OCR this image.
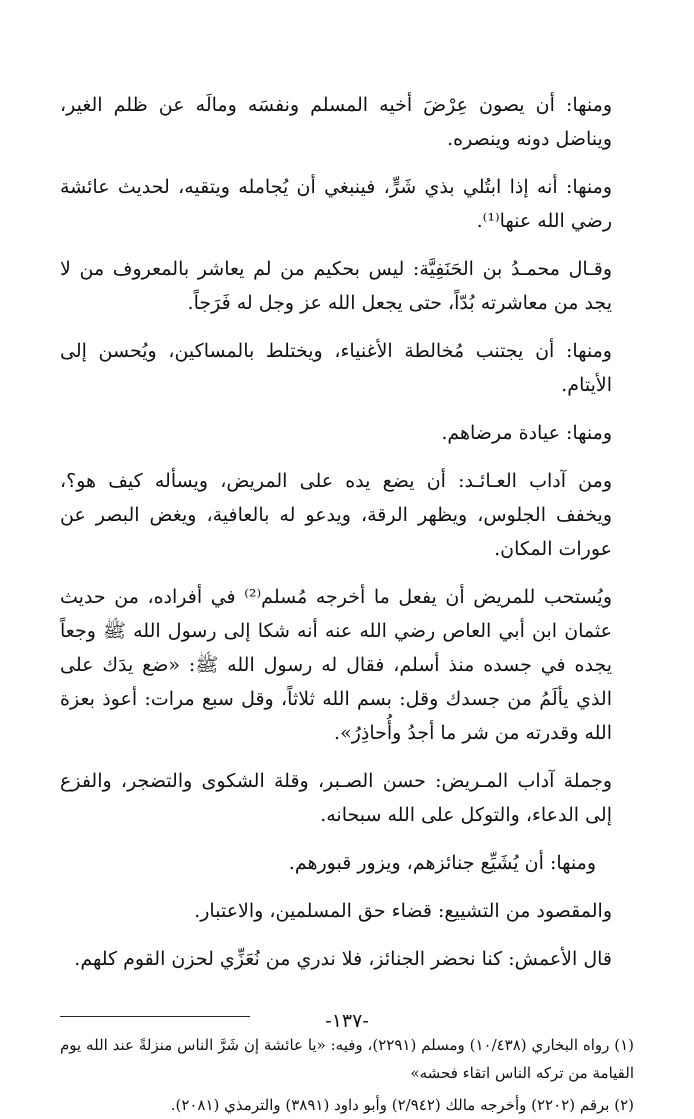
ومنها: أن يصون عِرْضَ أخيه المسلم ونفسَه ومالَه عن ظلم الغير، ويناضل دونه وينصره.

ومنها: أنه إذا ابتُلي بذي شَرٍّ، فينبغي أن يُجامله ويتقيه، لحديث عائشة رضي الله عنها⁽¹⁾.

وقـال محمـدُ بن الحَنَفِيَّة: ليس بحكيم من لم يعاشر بالمعروف من لا يجد من معاشرته بُدّاً، حتى يجعل الله عز وجل له فَرَجاً.

ومنها: أن يجتنب مُخالطة الأغنياء، ويختلط بالمساكين، ويُحسن إلى الأيتام.

ومنها: عيادة مرضاهم.

ومن آداب العـائـد: أن يضع يده على المريض، ويسأله كيف هو؟، ويخفف الجلوس، ويظهر الرقة، ويدعو له بالعافية، ويغض البصر عن عورات المكان.

ويُستحب للمريض أن يفعل ما أخرجه مُسلم⁽²⁾ في أفراده، من حديث عثمان ابن أبي العاص رضي الله عنه أنه شكا إلى رسول الله ﷺ وجعاً يجده في جسده منذ أسلم، فقال له رسول الله ﷺ: «ضع يدَك على الذي يألَمُ من جسدك وقل: بسم الله ثلاثاً، وقل سبع مرات: أعوذ بعزة الله وقدرته من شر ما أجدُ وأُحاذِرُ».

وجملة آداب المـريض: حسن الصـبر، وقلة الشكوى والتضجر، والفزع إلى الدعاء، والتوكل على الله سبحانه.

ومنها: أن يُشَيِّع جنائزهم، ويزور قبورهم.

والمقصود من التشييع: قضاء حق المسلمين، والاعتبار.

قال الأعمش: كنا نحضر الجنائز، فلا ندري من نُعَزِّي لحزن القوم كلهم.

(١) رواه البخاري (١٠/٤٣٨) ومسلم (٢٢٩١)، وفيه: «يا عائشة إن شَرَّ الناس منزلةً عند الله يوم القيامة من تركه الناس اتقاء فحشه»

(٢) برقم (٢٢٠٢) وأخرجه مالك (٢/٩٤٢) وأبو داود (٣٨٩١) والترمذي (٢٠٨١).

-١٣٧-
